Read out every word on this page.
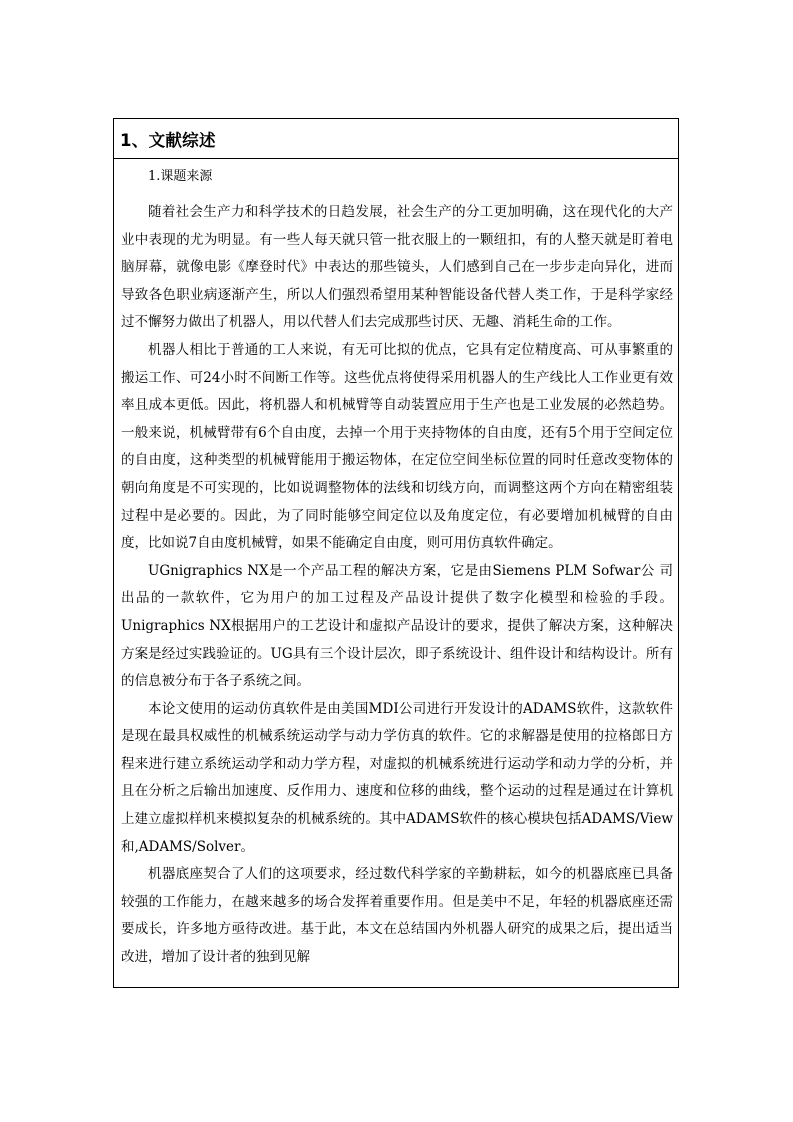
1、文献综述

1.课题来源

随着社会生产力和科学技术的日趋发展，社会生产的分工更加明确，这在现代化的大产业中表现的尤为明显。有一些人每天就只管一批衣服上的一颗纽扣，有的人整天就是盯着电脑屏幕，就像电影《摩登时代》中表达的那些镜头，人们感到自己在一步步走向异化，进而导致各色职业病逐渐产生，所以人们强烈希望用某种智能设备代替人类工作，于是科学家经过不懈努力做出了机器人，用以代替人们去完成那些讨厌、无趣、消耗生命的工作。

机器人相比于普通的工人来说，有无可比拟的优点，它具有定位精度高、可从事繁重的搬运工作、可24小时不间断工作等。这些优点将使得采用机器人的生产线比人工作业更有效率且成本更低。因此，将机器人和机械臂等自动装置应用于生产也是工业发展的必然趋势。一般来说，机械臂带有6个自由度，去掉一个用于夹持物体的自由度，还有5个用于空间定位的自由度，这种类型的机械臂能用于搬运物体，在定位空间坐标位置的同时任意改变物体的朝向角度是不可实现的，比如说调整物体的法线和切线方向，而调整这两个方向在精密组装过程中是必要的。因此，为了同时能够空间定位以及角度定位，有必要增加机械臂的自由度，比如说7自由度机械臂，如果不能确定自由度，则可用仿真软件确定。

UGnigraphics NX是一个产品工程的解决方案，它是由Siemens PLM Sofwar公 司出品的一款软件，它为用户的加工过程及产品设计提供了数字化模型和检验的手段。Unigraphics NX根据用户的工艺设计和虚拟产品设计的要求，提供了解决方案，这种解决方案是经过实践验证的。UG具有三个设计层次，即子系统设计、组件设计和结构设计。所有的信息被分布于各子系统之间。

本论文使用的运动仿真软件是由美国MDI公司进行开发设计的ADAMS软件，这款软件是现在最具权威性的机械系统运动学与动力学仿真的软件。它的求解器是使用的拉格郎日方程来进行建立系统运动学和动力学方程，对虚拟的机械系统进行运动学和动力学的分析，并且在分析之后输出加速度、反作用力、速度和位移的曲线，整个运动的过程是通过在计算机上建立虚拟样机来模拟复杂的机械系统的。其中ADAMS软件的核心模块包括ADAMS/View和,ADAMS/Solver。

机器底座契合了人们的这项要求，经过数代科学家的辛勤耕耘，如今的机器底座已具备较强的工作能力，在越来越多的场合发挥着重要作用。但是美中不足，年轻的机器底座还需要成长，许多地方亟待改进。基于此，本文在总结国内外机器人研究的成果之后，提出适当改进，增加了设计者的独到见解
